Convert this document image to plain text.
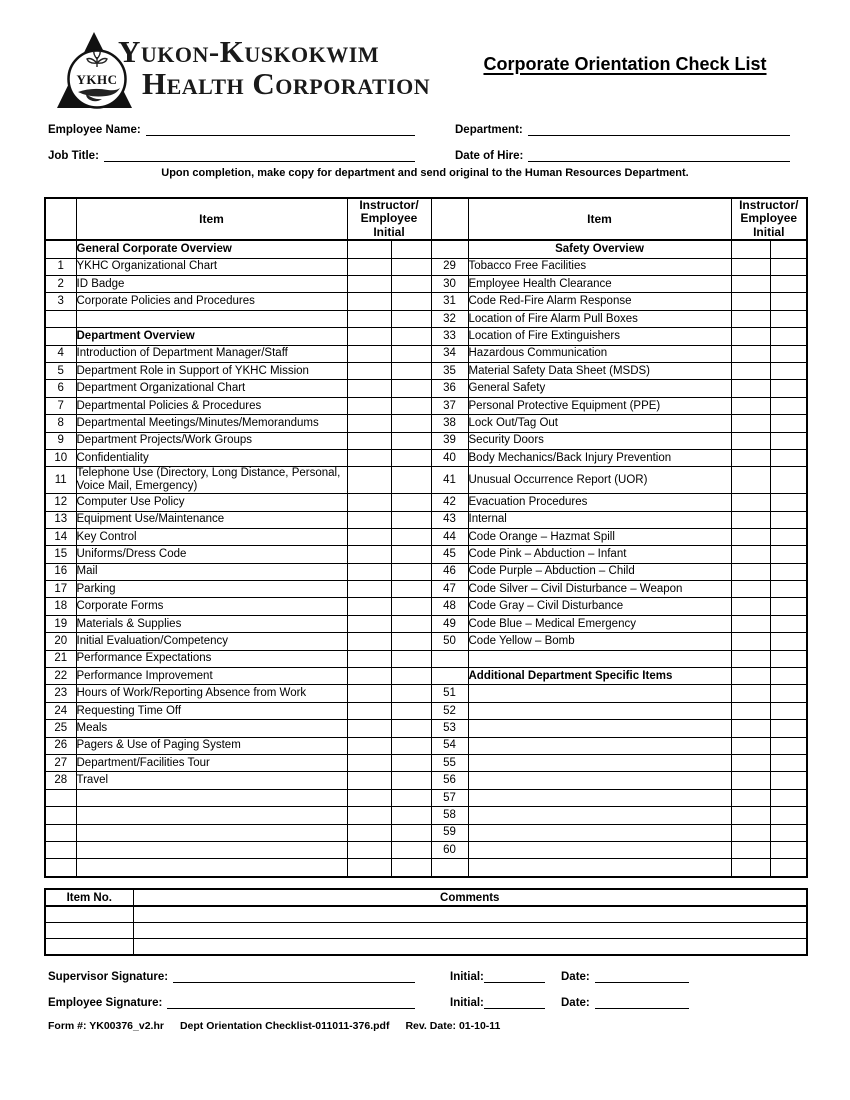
YKHC
Yukon-Kuskokwim
Health Corporation
Corporate Orientation Check List
Employee Name:	Department:
Job Title:	Date of Hire:
Upon completion, make copy for department and send original to the Human Resources Department.
	Item	Instructor/
Employee
Initial			Item	Instructor/
Employee
Initial	

	General Corporate Overview				Safety Overview		
1	YKHC Organizational Chart			29	Tobacco Free Facilities		
2	ID Badge			30	Employee Health Clearance		
3	Corporate Policies and Procedures			31	Code Red-Fire Alarm Response		
				32	Location of Fire Alarm Pull Boxes		
	Department Overview			33	Location of Fire Extinguishers		
4	Introduction of Department Manager/Staff			34	Hazardous Communication		
5	Department Role in Support of YKHC Mission			35	Material Safety Data Sheet (MSDS)		
6	Department Organizational Chart			36	General Safety		
7	Departmental Policies & Procedures			37	Personal Protective Equipment (PPE)		
8	Departmental Meetings/Minutes/Memorandums			38	Lock Out/Tag Out		
9	Department Projects/Work Groups			39	Security Doors		
10	Confidentiality			40	Body Mechanics/Back Injury Prevention		
11	Telephone Use (Directory, Long Distance, Personal, Voice Mail, Emergency)			41	Unusual Occurrence Report (UOR)		
12	Computer Use Policy			42	Evacuation Procedures		
13	Equipment Use/Maintenance			43	Internal		
14	Key Control			44	Code Orange – Hazmat Spill		
15	Uniforms/Dress Code			45	Code Pink – Abduction – Infant		
16	Mail			46	Code Purple – Abduction – Child		
17	Parking			47	Code Silver – Civil Disturbance – Weapon		
18	Corporate Forms			48	Code Gray – Civil Disturbance		
19	Materials & Supplies			49	Code Blue – Medical Emergency		
20	Initial Evaluation/Competency			50	Code Yellow – Bomb		
21	Performance Expectations						
22	Performance Improvement				Additional Department Specific Items		
23	Hours of Work/Reporting Absence from Work			51			
24	Requesting Time Off			52			
25	Meals			53			
26	Pagers & Use of Paging System			54			
27	Department/Facilities Tour			55			
28	Travel			56			
				57			
				58			
				59			
				60			

Item No.	Comments

Supervisor Signature:	Initial:	Date:
Employee Signature:	Initial:	Date:
Form #: YK00376_v2.hr Dept Orientation Checklist-011011-376.pdf Rev. Date: 01-10-11
